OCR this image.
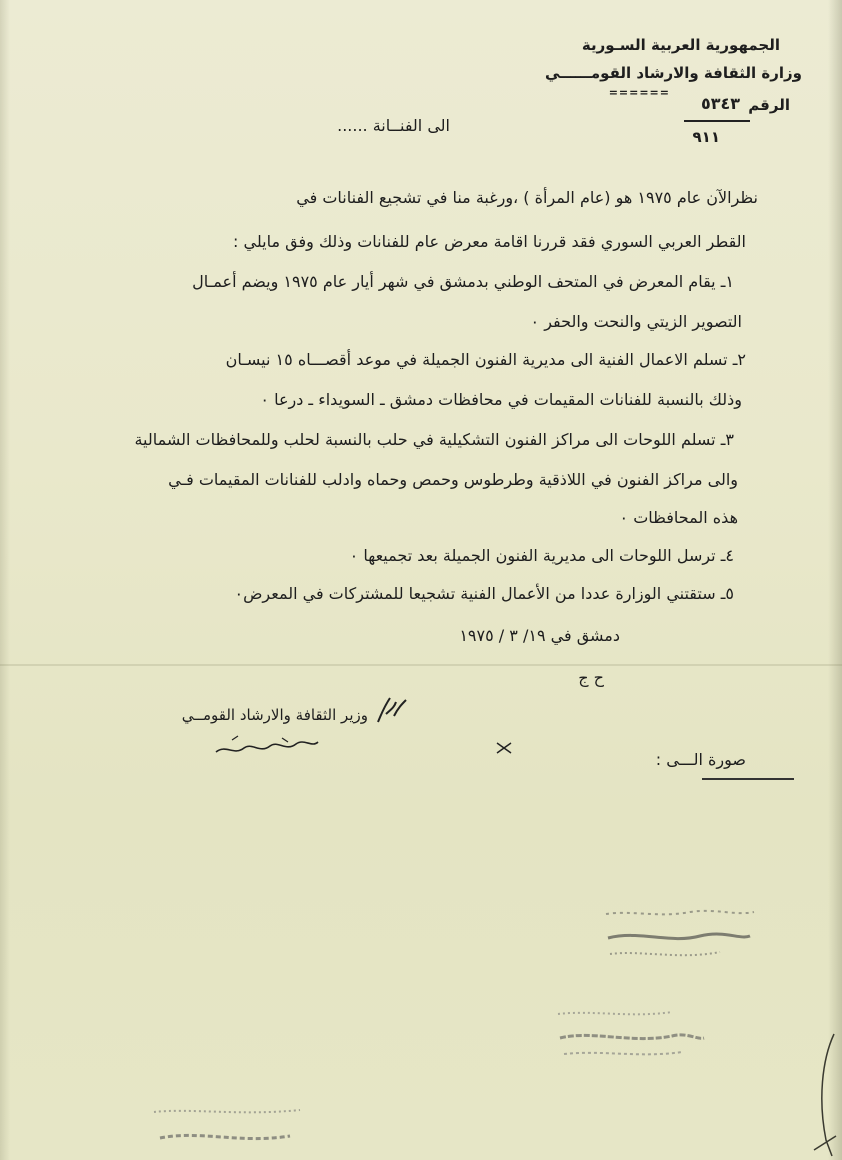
الجمهورية العربية السـورية
وزارة الثقافة والارشاد القومــــــي
======
الرقم
٥٣٤٣
٩١١
الى الفنــانة ......
نظرالآن عام ١٩٧٥ هو (عام المرأة ) ،ورغبة منا في تشجيع الفنانات في
القطر العربي السوري فقد قررنا اقامة معرض عام للفنانات وذلك وفق مايلي :
١ـ يقام المعرض في المتحف الوطني بدمشق في شهر أيار عام ١٩٧٥ ويضم أعمـال
التصوير الزيتي والنحت والحفر ٠
٢ـ تسلم الاعمال الفنية الى مديرية الفنون الجميلة في موعد أقصـــاه ١٥ نيسـان
وذلك بالنسبة للفنانات المقيمات في محافظات دمشق ـ السويداء ـ درعا ٠
٣ـ تسلم اللوحات الى مراكز الفنون التشكيلية في حلب بالنسبة لحلب وللمحافظات الشمالية
والى مراكز الفنون في اللاذقية وطرطوس وحمص وحماه وادلب للفنانات المقيمات فـي
هذه المحافظات ٠
٤ـ ترسل اللوحات الى مديرية الفنون الجميلة بعد تجميعها ٠
٥ـ ستقتني الوزارة عددا من الأعمال الفنية تشجيعا للمشتركات في المعرض٠
دمشق في ١٩/ ٣ / ١٩٧٥
ح ج
وزير الثقافة والارشاد القومــي
صورة الـــى :
